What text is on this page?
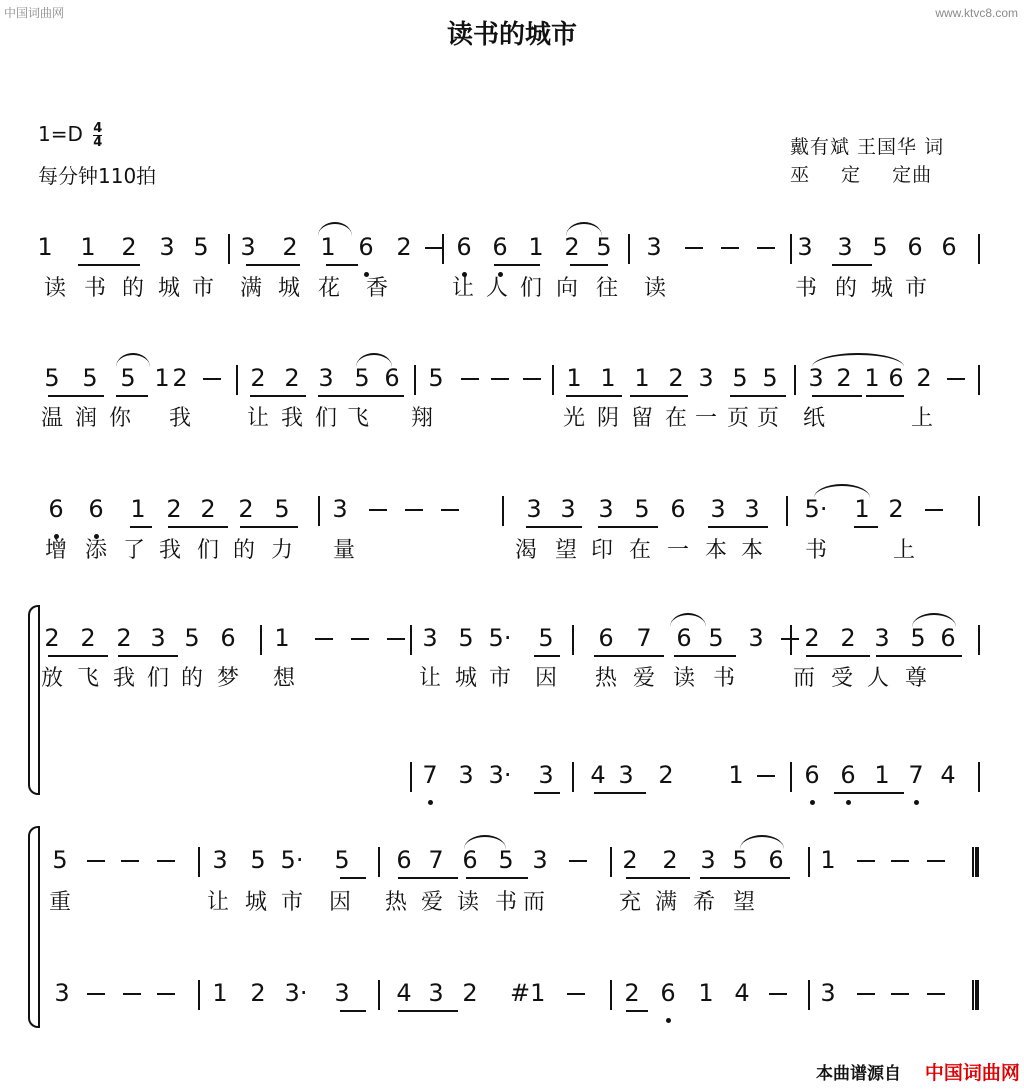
中国词曲网	www.ktvc8.com
读书的城市
$1=D \frac{4}{4}$
每分钟110拍
戴有斌 王国华 词
巫 定 定曲
1 1 2 3 5 3 2 1 6 2 6 6 1 2 5 3	3 3 5 6 6
读 书 的 城 市 满 城 花 香	让 人 们 向 往 读	书 的 城 市
5 5 5 1 2	2 2 3 5 6 5	1 1 1 2 3 5 5 3 2 1 6 2
温 润 你 我	让 我 们 飞 翔	光 阴 留 在 一 页 页 纸	上
6 6 1 2 2 2 5 3	3 3 3 5 6 3 3 5· 1 2
增 添 了 我 们 的 力 量	渴 望 印 在 一 本 本 书	上
2 2 2 3 5 6 1	3 5 5· 5 6 7 6 5 3 2 2 3 5 6
放 飞 我 们 的 梦 想	让 城 市 因 热 爱 读 书	而 受 人 尊
7 3 3· 3 4 3 2 1	6 6 1 7 4
5	3 5 5· 5 6 7 6 5 3	2 2 3 5 6 1
重	让 城 市 因 热 爱 读 书 而	充 满 希 望
3	1 2 3· 3 4 3 2 #1	2 6 1 4	3
本曲谱源自 中国词曲网
